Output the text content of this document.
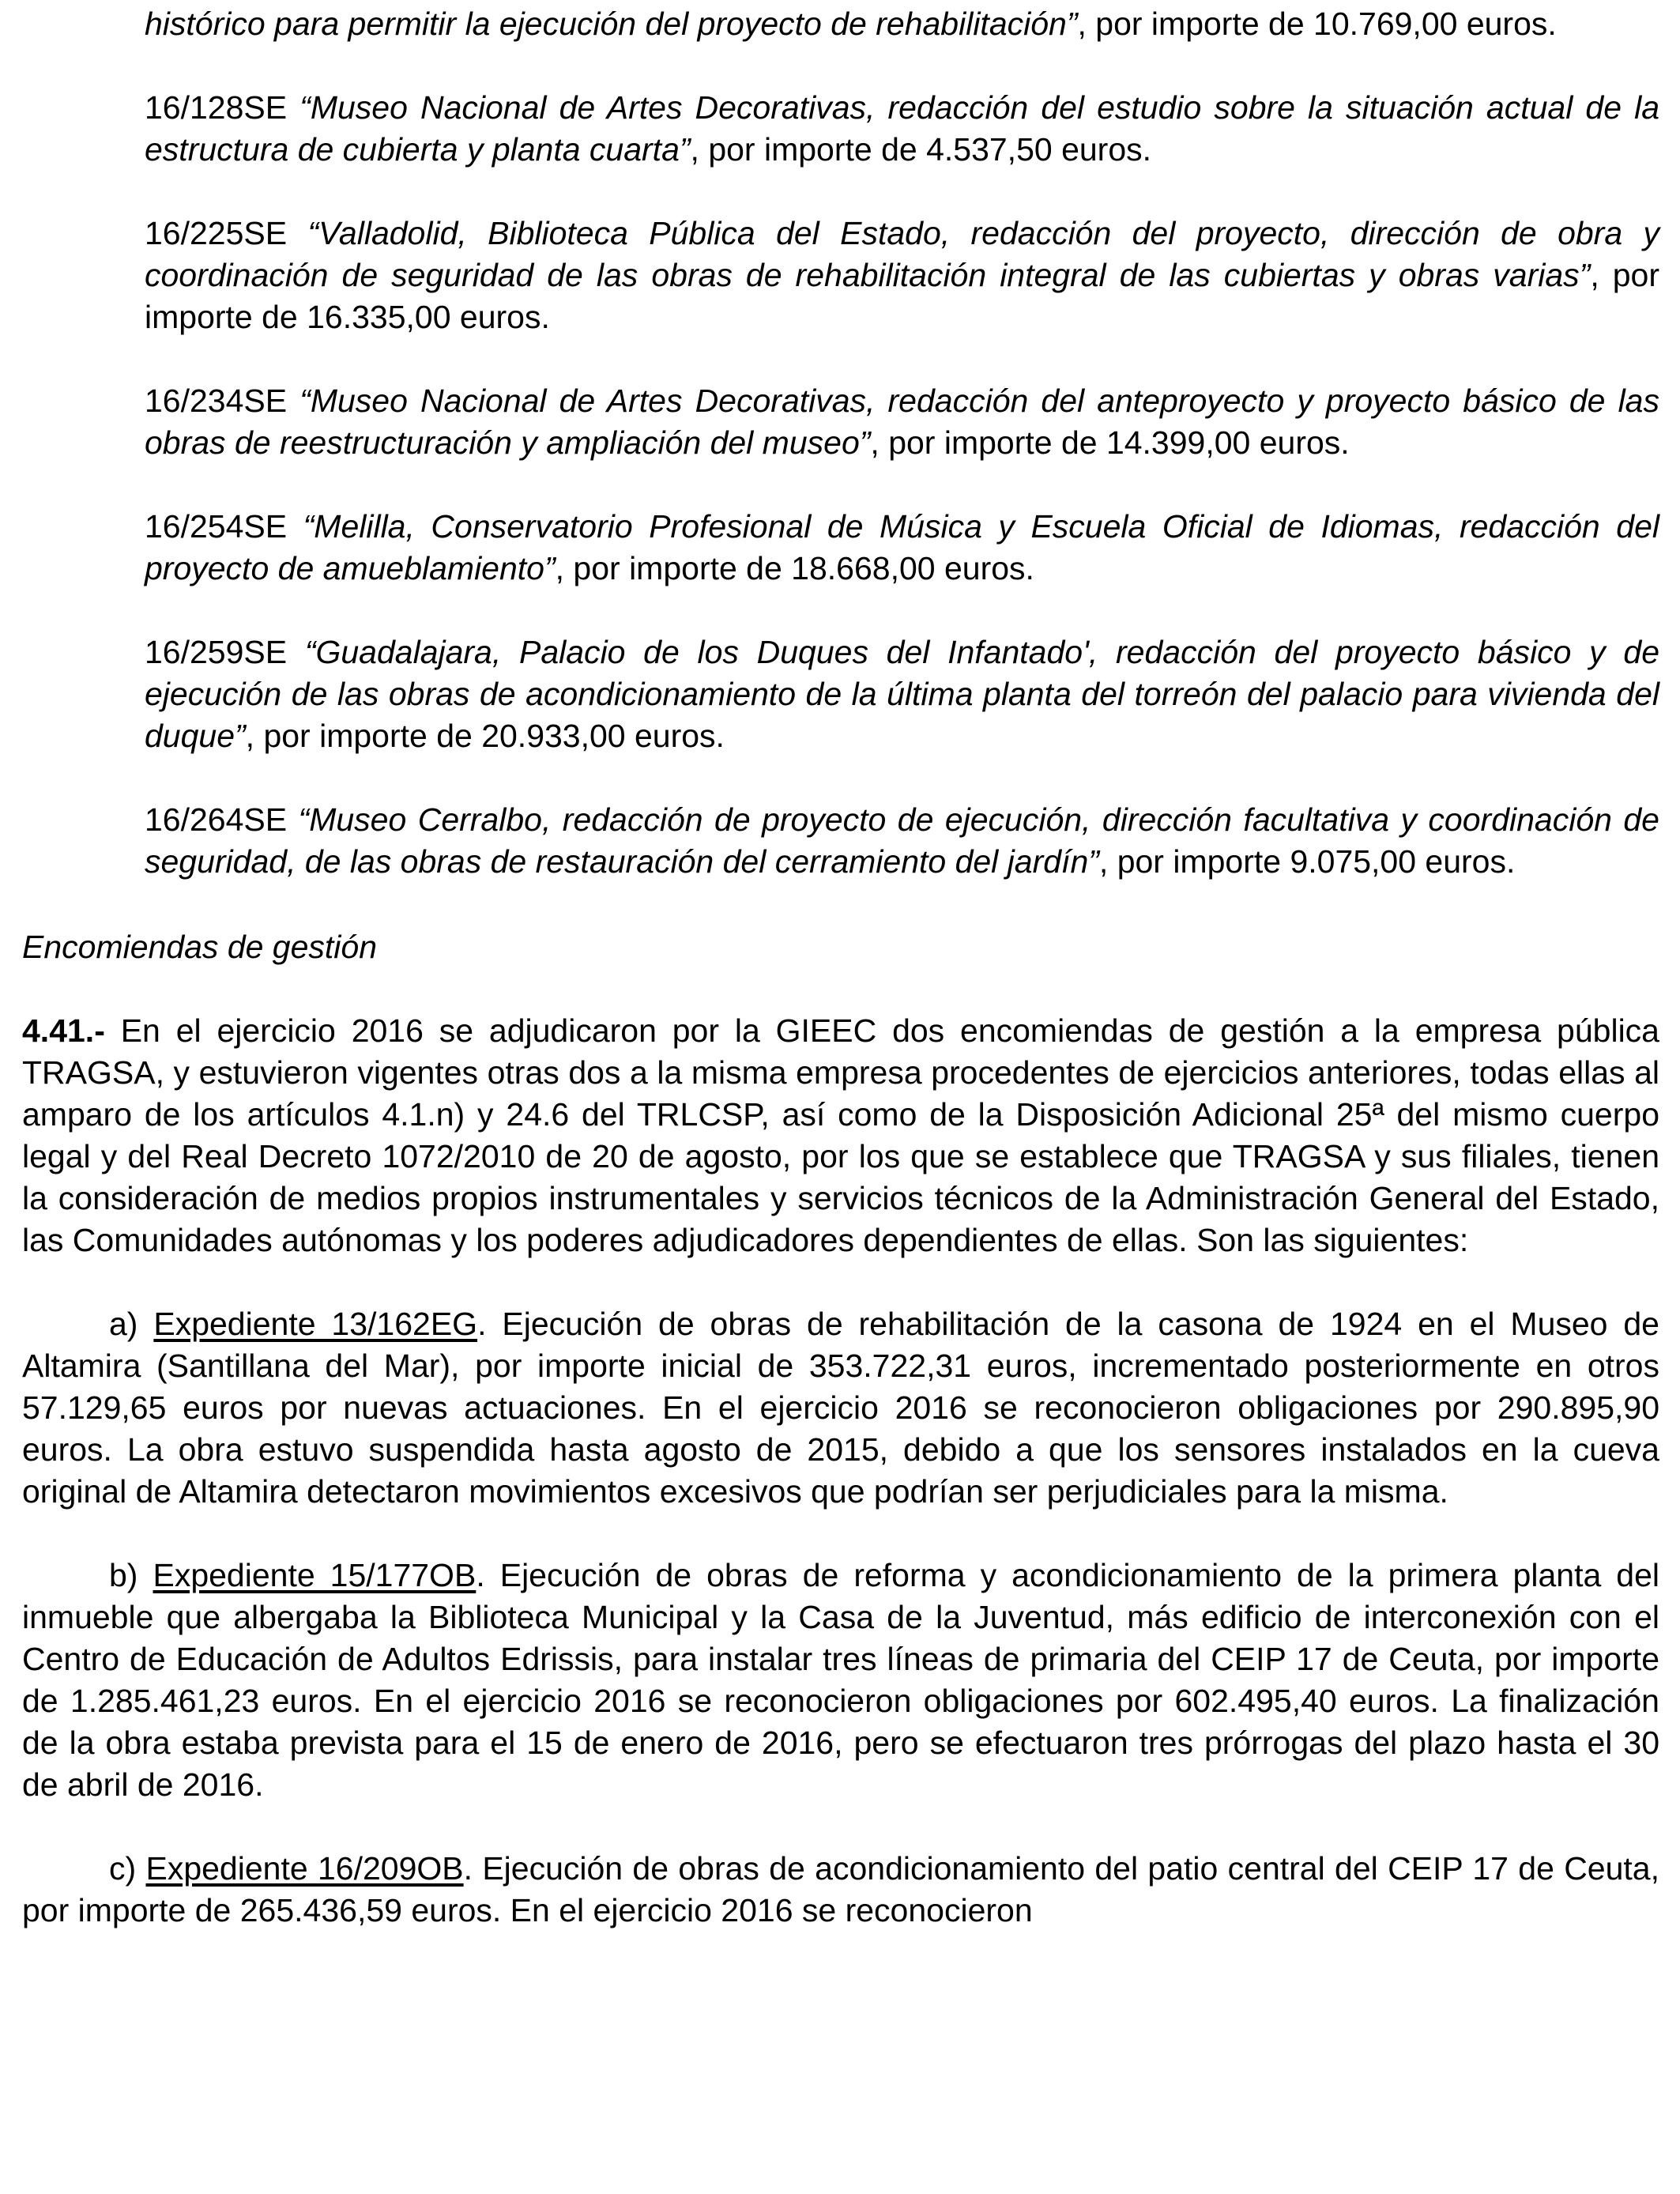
histórico para permitir la ejecución del proyecto de rehabilitación”, por importe de 10.769,00 euros.

16/128SE “Museo Nacional de Artes Decorativas, redacción del estudio sobre la situación actual de la estructura de cubierta y planta cuarta”, por importe de 4.537,50 euros.

16/225SE “Valladolid, Biblioteca Pública del Estado, redacción del proyecto, dirección de obra y coordinación de seguridad de las obras de rehabilitación integral de las cubiertas y obras varias”, por importe de 16.335,00 euros.

16/234SE “Museo Nacional de Artes Decorativas, redacción del anteproyecto y proyecto básico de las obras de reestructuración y ampliación del museo”, por importe de 14.399,00 euros.

16/254SE “Melilla, Conservatorio Profesional de Música y Escuela Oficial de Idiomas, redacción del proyecto de amueblamiento”, por importe de 18.668,00 euros.

16/259SE “Guadalajara, Palacio de los Duques del Infantado', redacción del proyecto básico y de ejecución de las obras de acondicionamiento de la última planta del torreón del palacio para vivienda del duque”, por importe de 20.933,00 euros.

16/264SE “Museo Cerralbo, redacción de proyecto de ejecución, dirección facultativa y coordinación de seguridad, de las obras de restauración del cerramiento del jardín”, por importe 9.075,00 euros.

Encomiendas de gestión

4.41.- En el ejercicio 2016 se adjudicaron por la GIEEC dos encomiendas de gestión a la empresa pública TRAGSA, y estuvieron vigentes otras dos a la misma empresa procedentes de ejercicios anteriores, todas ellas al amparo de los artículos 4.1.n) y 24.6 del TRLCSP, así como de la Disposición Adicional 25ª del mismo cuerpo legal y del Real Decreto 1072/2010 de 20 de agosto, por los que se establece que TRAGSA y sus filiales, tienen la consideración de medios propios instrumentales y servicios técnicos de la Administración General del Estado, las Comunidades autónomas y los poderes adjudicadores dependientes de ellas. Son las siguientes:

a) Expediente 13/162EG. Ejecución de obras de rehabilitación de la casona de 1924 en el Museo de Altamira (Santillana del Mar), por importe inicial de 353.722,31 euros, incrementado posteriormente en otros 57.129,65 euros por nuevas actuaciones. En el ejercicio 2016 se reconocieron obligaciones por 290.895,90 euros. La obra estuvo suspendida hasta agosto de 2015, debido a que los sensores instalados en la cueva original de Altamira detectaron movimientos excesivos que podrían ser perjudiciales para la misma.

b) Expediente 15/177OB. Ejecución de obras de reforma y acondicionamiento de la primera planta del inmueble que albergaba la Biblioteca Municipal y la Casa de la Juventud, más edificio de interconexión con el Centro de Educación de Adultos Edrissis, para instalar tres líneas de primaria del CEIP 17 de Ceuta, por importe de 1.285.461,23 euros. En el ejercicio 2016 se reconocieron obligaciones por 602.495,40 euros. La finalización de la obra estaba prevista para el 15 de enero de 2016, pero se efectuaron tres prórrogas del plazo hasta el 30 de abril de 2016.

c) Expediente 16/209OB. Ejecución de obras de acondicionamiento del patio central del CEIP 17 de Ceuta, por importe de 265.436,59 euros. En el ejercicio 2016 se reconocieron
